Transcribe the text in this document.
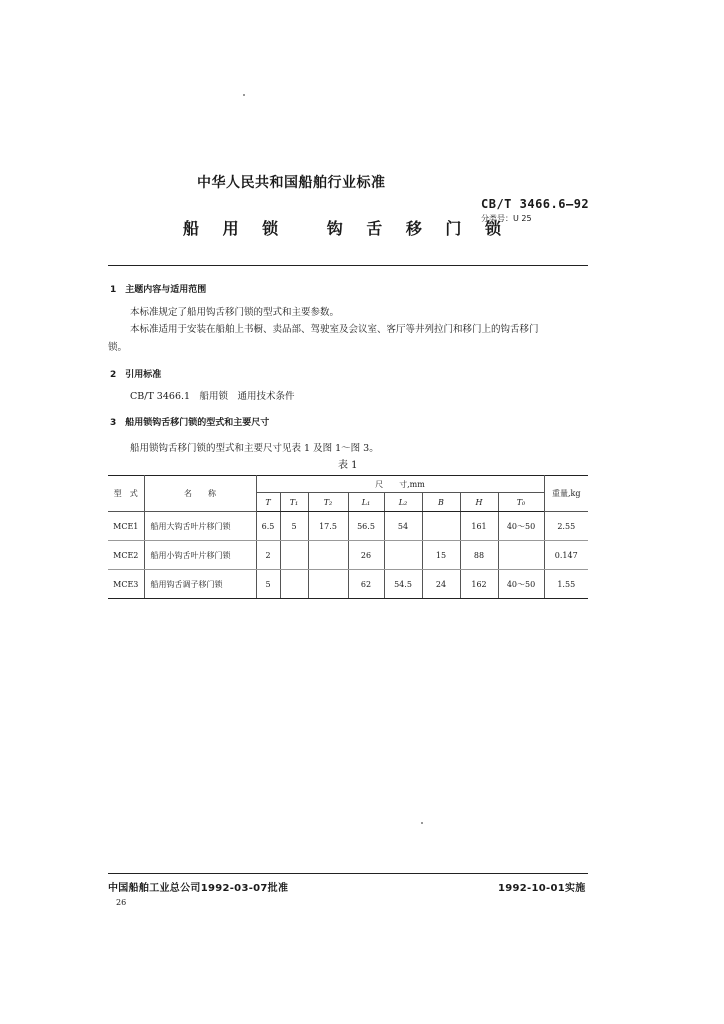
中华人民共和国船舶行业标准
船 用 锁　 钩 舌 移 门 锁
CB/T 3466.6—92
分类号：U 25
1　主题内容与适用范围
本标准规定了船用钩舌移门锁的型式和主要参数。
本标准适用于安装在船舶上书橱、卖品部、驾驶室及会议室、客厅等井列拉门和移门上的钩舌移门
锁。
2　引用标准
CB/T 3466.1　船用锁　通用技术条件
3　船用锁钩舌移门锁的型式和主要尺寸
船用锁钩舌移门锁的型式和主要尺寸见表 1 及图 1～图 3。
表 1
型　式	名　　称	尺　　寸,mm								重量,kg
		T	T₁	T₂	L₁	L₂	B	H	T₀	
MCE1	船用大钩舌叶片移门锁	6.5	5	17.5	56.5	54		161	40～50	2.55
MCE2	船用小钩舌叶片移门锁	2			26		15	88		0.147
MCE3	船用钩舌调子移门锁	5			62	54.5	24	162	40～50	1.55
中国船舶工业总公司1992-03-07批准	1992-10-01实施
26
